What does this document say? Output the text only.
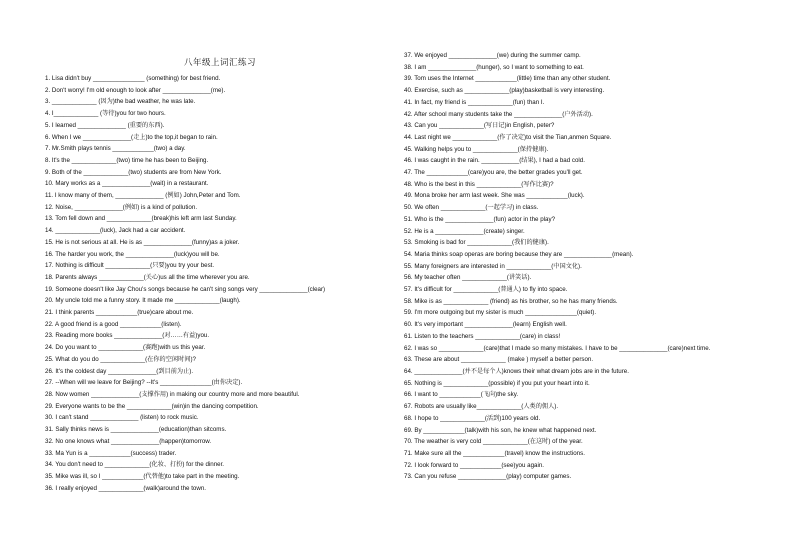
八年级上词汇练习
1. Lisa didn't buy _______________ (something) for best friend.
2. Don't worry! I'm old enough to look after ______________(me).
3. _____________ (因为)the bad weather, he was late.
4. I_____________ (等待)you for two hours.
5. I learned ______________ (重要的东西).
6. When I we ______________(走上)to the top,it began to rain.
7. Mr.Smith plays tennis ____________(two) a day.
8. It's the _____________(two) time he has been to Beijing.
9. Both of the _____________(two) students are from New York.
10. Mary works as a ______________(wait) in a restaurant.
11. I know many of them, ______________ (例如) John,Peter and Tom.
12. Noise, ______________(例如) is a kind of pollution.
13. Tom fell down and _____________(break)his left arm last Sunday.
14. _____________(luck), Jack had a car accident.
15. He is not serious at all. He is as ______________(funny)as a joker.
16. The harder you work, the ______________(luck)you will be.
17. Nothing is difficult _____________(只要)you try your best.
18. Parents always _____________(关心)us all the time wherever you are.
19. Someone doesn't like Jay Chou's songs because he can't sing songs very ______________(clear)
20. My uncle told me a funny story. It made me _____________(laugh).
21. I think parents ____________(true)care about me.
22. A good friend is a good ____________(listen).
23. Reading more books ______________(对……有益)you.
24. Do you want to _____________(赛跑)with us this year.
25. What do you do _____________(在你的空闲时间)?
26. It's the coldest day ______________(到目前为止).
27. --When will we leave for Beijing? --It's _______________(由你决定).
28. Now women ______________(支撑作用) in making our country more and more beautiful.
29. Everyone wants to be the _____________(win)in the dancing competition.
30. I can't stand ______________ (listen) to rock music.
31. Sally thinks news is ______________(education)than sitcoms.
32. No one knows what ______________(happen)tomorrow.
33. Ma Yun is a ____________(success) trader.
34. You don't need to _____________(化妆、打扮) for the dinner.
35. Mike was ill, so I ____________(代替他)to take part in the meeting.
36. I really enjoyed _____________(walk)around the town.
37. We enjoyed ______________(we) during the summer camp.
38. I am ______________(hunger), so I want to something to eat.
39. Tom uses the Internet ____________(little) time than any other student.
40. Exercise, such as _____________(play)basketball is very interesting.
41. In fact, my friend is _____________(fun) than I.
42. After school many students take the ______________(户外活动).
43. Can you _____________(写日记)in English, peter?
44. Last night we _____________(作了决定)to visit the Tian,anmen Square.
45. Walking helps you to _____________(保持健康).
46. I was caught in the rain. ___________(结果), I had a bad cold.
47. The ____________(care)you are, the better grades you'll get.
48. Who is the best in this _____________(写作比赛)?
49. Mona broke her arm last week. She was ____________(luck).
50. We often _____________(一起学习) in class.
51. Who is the ______________(fun) actor in the play?
52. He is a ______________(create) singer.
53. Smoking is bad for _____________(我们的健康).
54. Maria thinks soap operas are boring because they are ______________(mean).
55. Many foreigners are interested in _____________(中国文化).
56. My teacher often _____________(讲笑话).
57. It's difficult for _____________(普通人) to fly into space.
58. Mike is as _____________ (friend) as his brother, so he has many friends.
59. I'm more outgoing but my sister is much _______________(quiet).
60. It's very important ______________(learn) English well.
61. Listen to the teachers _____________(care) in class!
62. I was so _____________(care)that I made so many mistakes. I have to be ______________(care)next time.
63. These are about _____________ (make ) myself a better person.
64. ______________(并不是每个人)knows their what dream jobs are in the future.
65. Nothing is _____________(possible) if you put your heart into it.
66. I want to ____________(飞向)the sky.
67. Robots are usually like_____________(人类的佣人).
68. I hope to _____________(活到)100 years old.
69. By ____________(talk)with his son, he knew what happened next.
70. The weather is very cold _____________(在这时) of the year.
71. Make sure all the ____________(travel) know the instructions.
72. I look forward to ____________(see)you again.
73. Can you refuse ______________(play) computer games.
